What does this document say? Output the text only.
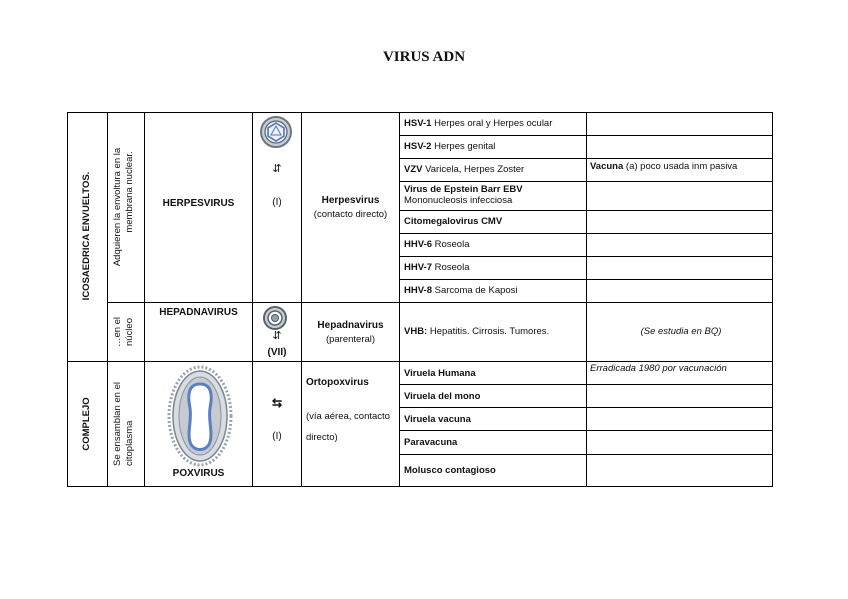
VIRUS ADN
ICOSAEDRICA ENVUELTOS.
COMPLEJO
Adquieren la envoltura en la membrana nuclear.
…en el núcleo
Se ensamblan en el citoplasma
HERPESVIRUS
HEPADNAVIRUS
POXVIRUS
⇵
(I)
⇵
(VII)
⇆
(I)
Herpesvirus
(contacto directo)
Hepadnavirus
(parenteral)
Ortopoxvirus
(vía aérea, contacto
directo)
HSV-1 Herpes oral y Herpes ocular
HSV-2 Herpes genital
VZV Varicela, Herpes Zoster
Virus de Epstein Barr EBV
Mononucleosis infecciosa
Citomegalovirus CMV
HHV-6 Roseola
HHV-7 Roseola
HHV-8 Sarcoma de Kaposi
VHB: Hepatitis. Cirrosis. Tumores.
Viruela Humana
Viruela del mono
Viruela vacuna
Paravacuna
Molusco contagioso
Vacuna (a) poco usada inm pasiva
(Se estudia en BQ)
Erradicada 1980 por vacunación
